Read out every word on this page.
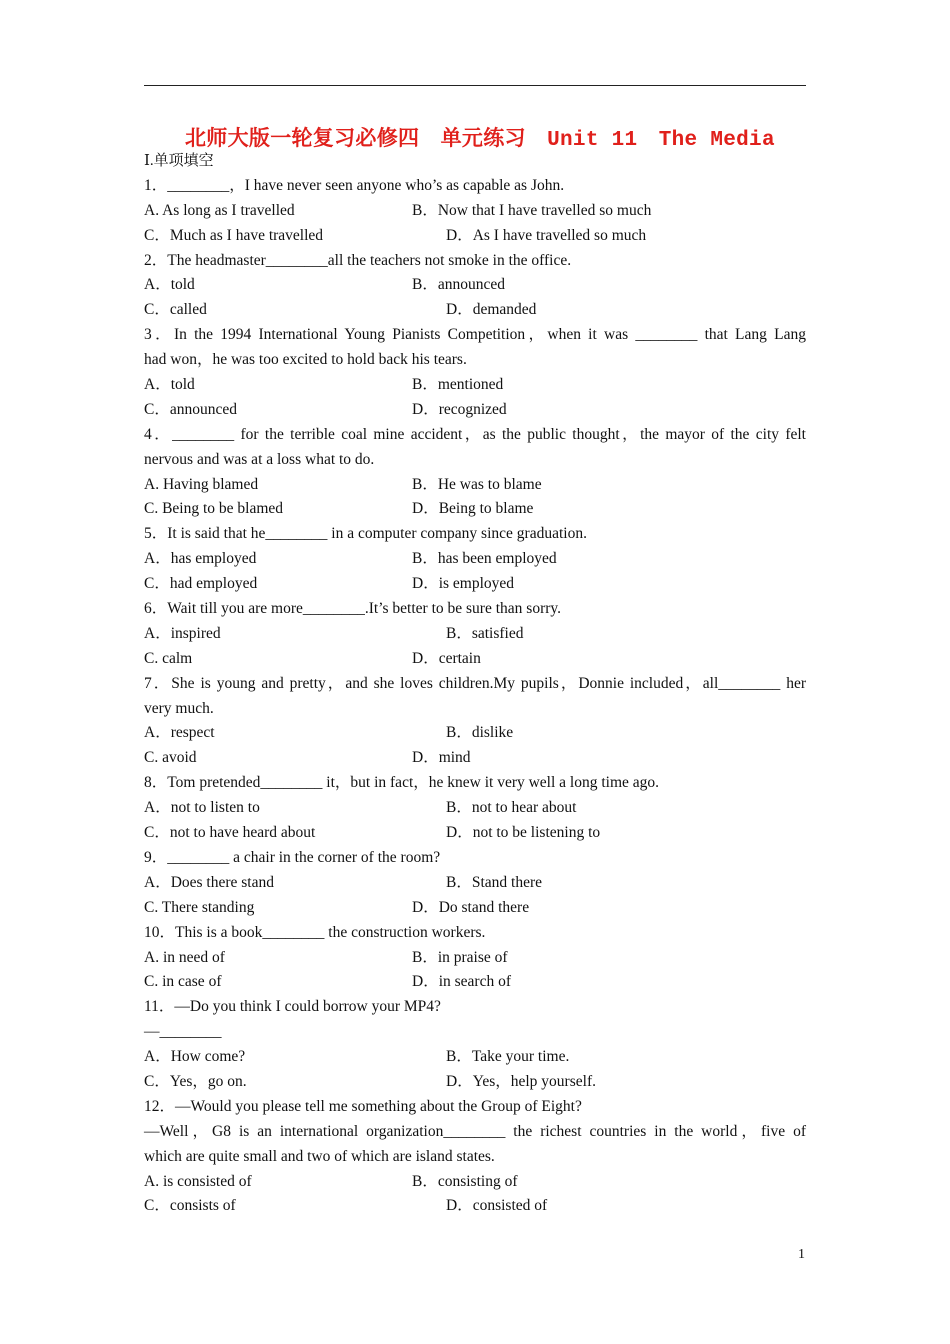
北师大版一轮复习必修四　单元练习　Unit 11　The Media
Ⅰ.单项填空
1．________，I have never seen anyone who’s as capable as John.
A. As long as I travelled	B．Now that I have travelled so much
C．Much as I have travelled	D．As I have travelled so much
2．The headmaster________all the teachers not smoke in the office.
A．told	B．announced
C．called	D．demanded
3．In the 1994 International Young Pianists Competition，when it was ________ that Lang Lang
had won，he was too excited to hold back his tears.
A．told	B．mentioned
C．announced	D．recognized
4．________ for the terrible coal mine accident，as the public thought，the mayor of the city felt
nervous and was at a loss what to do.
A. Having blamed	B．He was to blame
C. Being to be blamed	D．Being to blame
5．It is said that he________ in a computer company since graduation.
A．has employed	B．has been employed
C．had employed	D．is employed
6．Wait till you are more________.It’s better to be sure than sorry.
A．inspired	B．satisfied
C. calm	D．certain
7．She is young and pretty，and she loves children.My pupils，Donnie included，all________ her
very much.
A．respect	B．dislike
C. avoid	D．mind
8．Tom pretended________ it，but in fact，he knew it very well a long time ago.
A．not to listen to	B．not to hear about
C．not to have heard about	D．not to be listening to
9．________ a chair in the corner of the room?
A．Does there stand	B．Stand there
C. There standing	D．Do stand there
10．This is a book________ the construction workers.
A. in need of	B．in praise of
C. in case of	D．in search of
11．—Do you think I could borrow your MP4?
—________
A．How come?	B．Take your time.
C．Yes，go on.	D．Yes，help yourself.
12．—Would you please tell me something about the Group of Eight?
—Well，G8 is an international organization________ the richest countries in the world，five of
which are quite small and two of which are island states.
A. is consisted of	B．consisting of
C．consists of	D．consisted of
1
